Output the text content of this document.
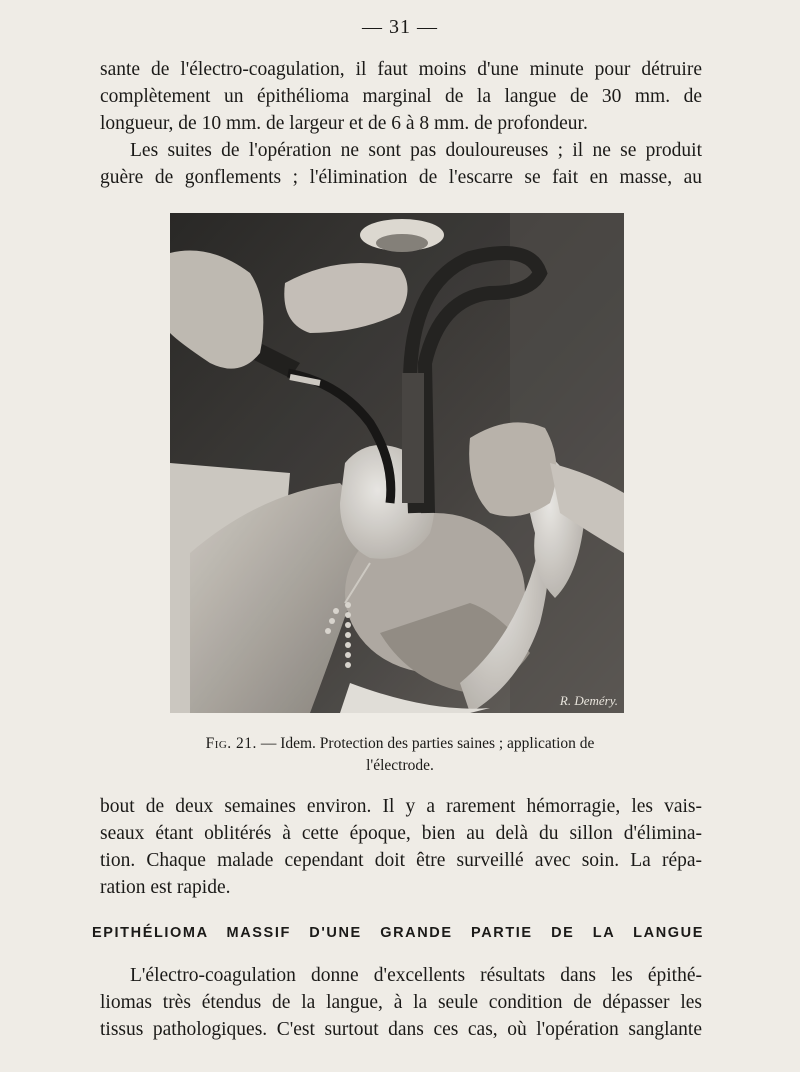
— 31 —

sante de l'électro-coagulation, il faut moins d'une minute pour détruire
complètement un épithélioma marginal de la langue de 30 mm. de
longueur, de 10 mm. de largeur et de 6 à 8 mm. de profondeur.
Les suites de l'opération ne sont pas douloureuses ; il ne se produit
guère de gonflements ; l'élimination de l'escarre se fait en masse, au

R. Deméry.
Fig. 21. — Idem. Protection des parties saines ; application de
l'électrode.

bout de deux semaines environ. Il y a rarement hémorragie, les vais-
seaux étant oblitérés à cette époque, bien au delà du sillon d'élimina-
tion. Chaque malade cependant doit être surveillé avec soin. La répa-
ration est rapide.

EPITHÉLIOMA MASSIF D'UNE GRANDE PARTIE DE LA LANGUE

L'électro-coagulation donne d'excellents résultats dans les épithé-
liomas très étendus de la langue, à la seule condition de dépasser les
tissus pathologiques. C'est surtout dans ces cas, où l'opération sanglante
